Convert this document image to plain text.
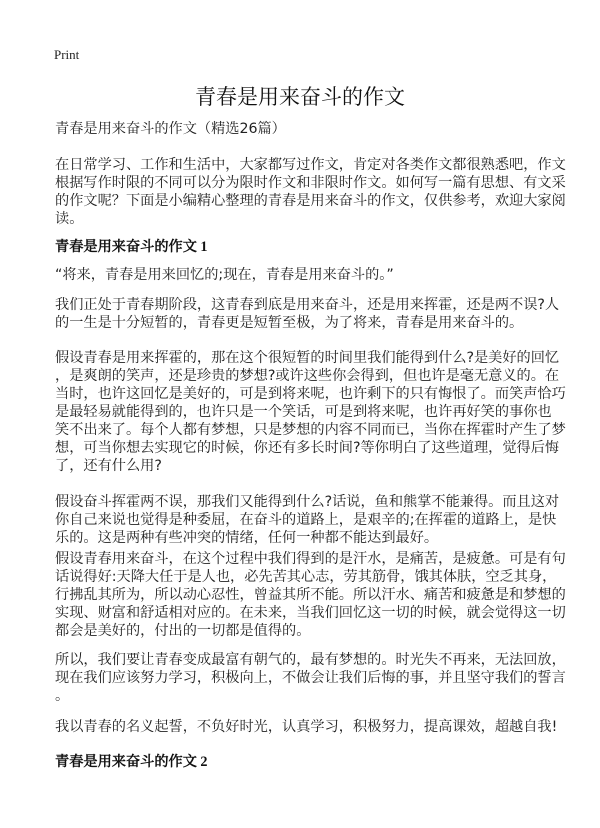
Print
青春是用来奋斗的作文
青春是用来奋斗的作文（精选26篇）
在日常学习、工作和生活中，大家都写过作文，肯定对各类作文都很熟悉吧，作文
根据写作时限的不同可以分为限时作文和非限时作文。如何写一篇有思想、有文采
的作文呢？下面是小编精心整理的青春是用来奋斗的作文，仅供参考，欢迎大家阅
读。
青春是用来奋斗的作文 1
“将来，青春是用来回忆的;现在，青春是用来奋斗的。”
我们正处于青春期阶段，这青春到底是用来奋斗，还是用来挥霍，还是两不误?人
的一生是十分短暂的，青春更是短暂至极，为了将来，青春是用来奋斗的。
假设青春是用来挥霍的，那在这个很短暂的时间里我们能得到什么?是美好的回忆
，是爽朗的笑声，还是珍贵的梦想?或许这些你会得到，但也许是毫无意义的。在
当时，也许这回忆是美好的，可是到将来呢，也许剩下的只有悔恨了。而笑声恰巧
是最轻易就能得到的，也许只是一个笑话，可是到将来呢，也许再好笑的事你也
笑不出来了。每个人都有梦想，只是梦想的内容不同而已，当你在挥霍时产生了梦
想，可当你想去实现它的时候，你还有多长时间?等你明白了这些道理，觉得后悔
了，还有什么用?
假设奋斗挥霍两不误，那我们又能得到什么?话说，鱼和熊掌不能兼得。而且这对
你自己来说也觉得是种委屈，在奋斗的道路上，是艰辛的;在挥霍的道路上，是快
乐的。这是两种有些冲突的情绪，任何一种都不能达到最好。
假设青春用来奋斗，在这个过程中我们得到的是汗水，是痛苦，是疲惫。可是有句
话说得好:天降大任于是人也，必先苦其心志，劳其筋骨，饿其体肤，空乏其身，
行拂乱其所为，所以动心忍性，曾益其所不能。所以汗水、痛苦和疲惫是和梦想的
实现、财富和舒适相对应的。在未来，当我们回忆这一切的时候，就会觉得这一切
都会是美好的，付出的一切都是值得的。
所以，我们要让青春变成最富有朝气的，最有梦想的。时光失不再来，无法回放，
现在我们应该努力学习，积极向上，不做会让我们后悔的事，并且坚守我们的誓言
。
我以青春的名义起誓，不负好时光，认真学习，积极努力，提高课效，超越自我!
青春是用来奋斗的作文 2
